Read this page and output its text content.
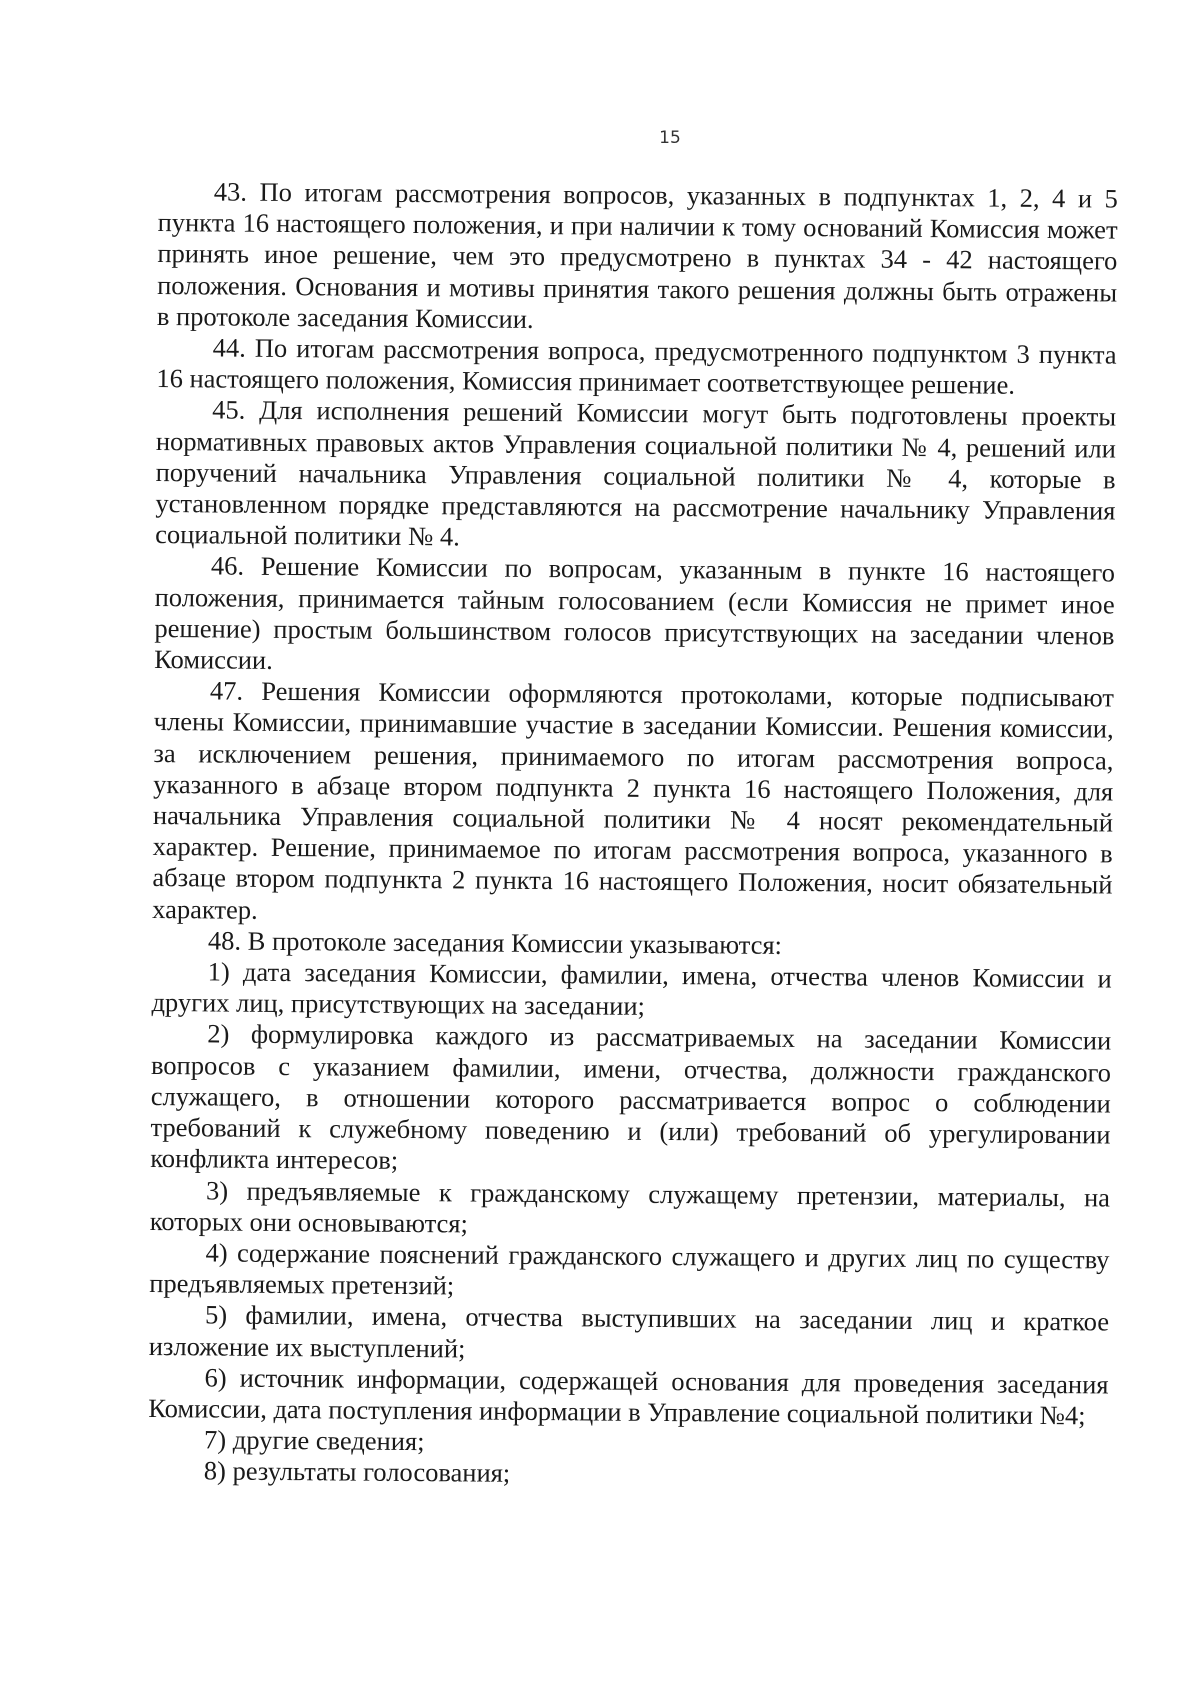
15

43. По итогам рассмотрения вопросов, указанных в подпунктах 1, 2, 4 и 5 пункта 16 настоящего положения, и при наличии к тому оснований Комиссия может принять иное решение, чем это предусмотрено в пунктах 34 - 42 настоящего положения. Основания и мотивы принятия такого решения должны быть отражены в протоколе заседания Комиссии.

44. По итогам рассмотрения вопроса, предусмотренного подпунктом 3 пункта 16 настоящего положения, Комиссия принимает соответствующее решение.

45. Для исполнения решений Комиссии могут быть подготовлены проекты нормативных правовых актов Управления социальной политики № 4, решений или поручений начальника Управления социальной политики № 4, которые в установленном порядке представляются на рассмотрение начальнику Управления социальной политики № 4.

46. Решение Комиссии по вопросам, указанным в пункте 16 настоящего положения, принимается тайным голосованием (если Комиссия не примет иное решение) простым большинством голосов присутствующих на заседании членов Комиссии.

47. Решения Комиссии оформляются протоколами, которые подписывают члены Комиссии, принимавшие участие в заседании Комиссии. Решения комиссии, за исключением решения, принимаемого по итогам рассмотрения вопроса, указанного в абзаце втором подпункта 2 пункта 16 настоящего Положения, для начальника Управления социальной политики № 4 носят рекомендательный характер. Решение, принимаемое по итогам рассмотрения вопроса, указанного в абзаце втором подпункта 2 пункта 16 настоящего Положения, носит обязательный характер.

48. В протоколе заседания Комиссии указываются:

1) дата заседания Комиссии, фамилии, имена, отчества членов Комиссии и других лиц, присутствующих на заседании;

2) формулировка каждого из рассматриваемых на заседании Комиссии вопросов с указанием фамилии, имени, отчества, должности гражданского служащего, в отношении которого рассматривается вопрос о соблюдении требований к служебному поведению и (или) требований об урегулировании конфликта интересов;

3) предъявляемые к гражданскому служащему претензии, материалы, на которых они основываются;

4) содержание пояснений гражданского служащего и других лиц по существу предъявляемых претензий;

5) фамилии, имена, отчества выступивших на заседании лиц и краткое изложение их выступлений;

6) источник информации, содержащей основания для проведения заседания Комиссии, дата поступления информации в Управление социальной политики №4;

7) другие сведения;

8) результаты голосования;
